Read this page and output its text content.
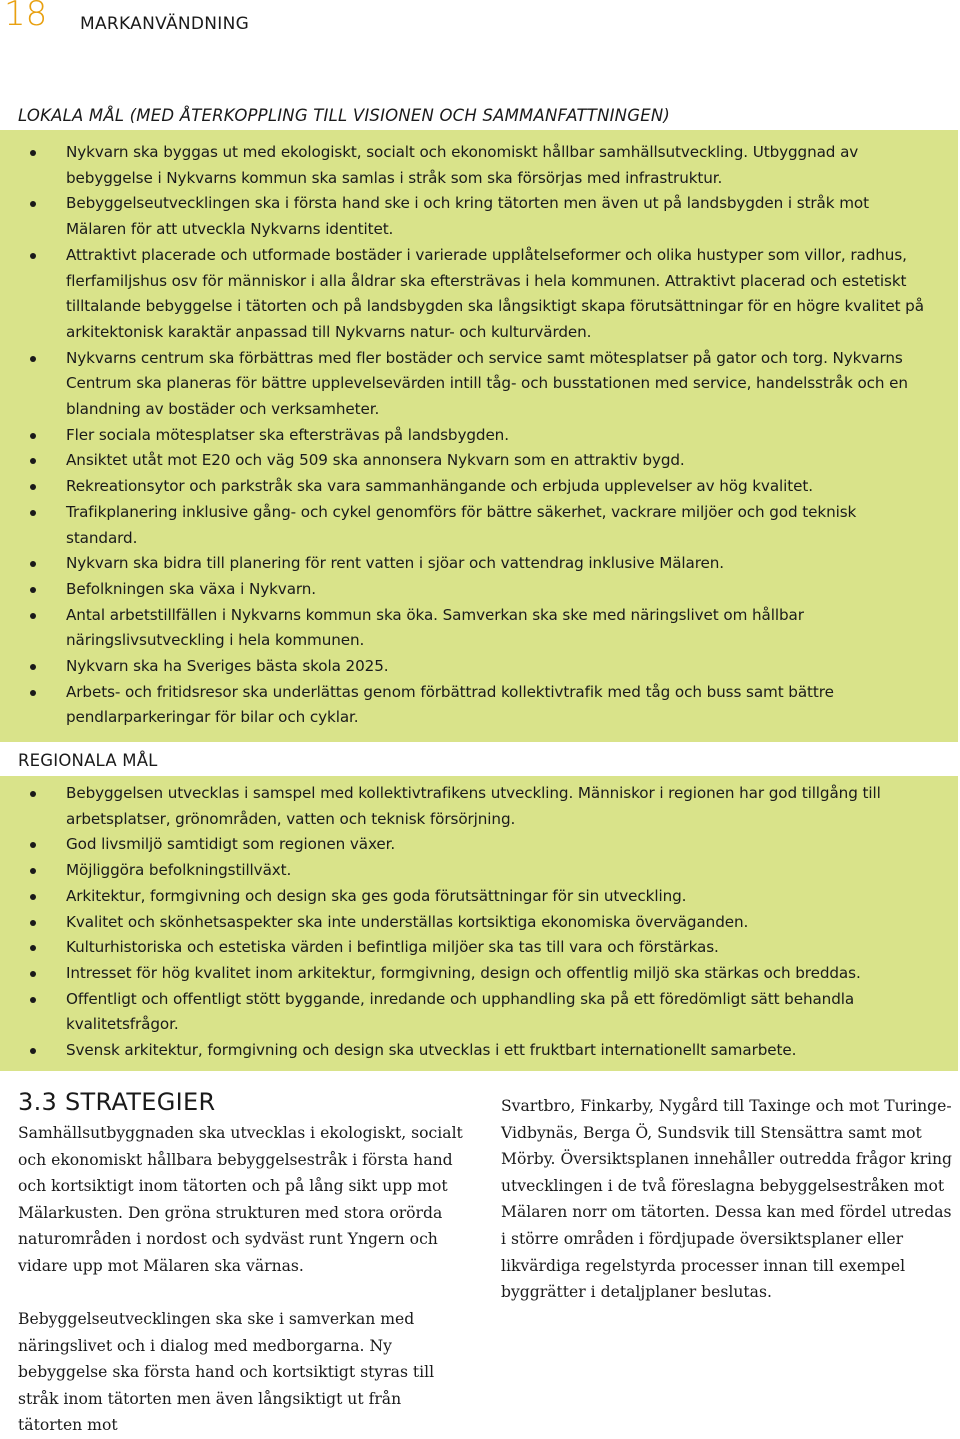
18 MARKANVÄNDNING
LOKALA MÅL (MED ÅTERKOPPLING TILL VISIONEN OCH SAMMANFATTNINGEN)
Nykvarn ska byggas ut med ekologiskt, socialt och ekonomiskt hållbar samhällsutveckling. Utbyggnad av bebyggelse i Nykvarns kommun ska samlas i stråk som ska försörjas med infrastruktur.
Bebyggelseutvecklingen ska i första hand ske i och kring tätorten men även ut på landsbygden i stråk mot Mälaren för att utveckla Nykvarns identitet.
Attraktivt placerade och utformade bostäder i varierade upplåtelseformer och olika hustyper som villor, radhus, flerfamiljshus osv för människor i alla åldrar ska eftersträvas i hela kommunen. Attraktivt placerad och estetiskt tilltalande bebyggelse i tätorten och på landsbygden ska långsiktigt skapa förutsättningar för en högre kvalitet på arkitektonisk karaktär anpassad till Nykvarns natur- och kulturvärden.
Nykvarns centrum ska förbättras med fler bostäder och service samt mötesplatser på gator och torg. Nykvarns Centrum ska planeras för bättre upplevelsevärden intill tåg- och busstationen med service, handelsstråk och en blandning av bostäder och verksamheter.
Fler sociala mötesplatser ska eftersträvas på landsbygden.
Ansiktet utåt mot E20 och väg 509 ska annonsera Nykvarn som en attraktiv bygd.
Rekreationsytor och parkstråk ska vara sammanhängande och erbjuda upplevelser av hög kvalitet.
Trafikplanering inklusive gång- och cykel genomförs för bättre säkerhet, vackrare miljöer och god teknisk standard.
Nykvarn ska bidra till planering för rent vatten i sjöar och vattendrag inklusive Mälaren.
Befolkningen ska växa i Nykvarn.
Antal arbetstillfällen i Nykvarns kommun ska öka. Samverkan ska ske med näringslivet om hållbar näringslivsutveckling i hela kommunen.
Nykvarn ska ha Sveriges bästa skola 2025.
Arbets- och fritidsresor ska underlättas genom förbättrad kollektivtrafik med tåg och buss samt bättre pendlarparkeringar för bilar och cyklar.
REGIONALA MÅL
Bebyggelsen utvecklas i samspel med kollektivtrafikens utveckling. Människor i regionen har god tillgång till arbetsplatser, grönområden, vatten och teknisk försörjning.
God livsmiljö samtidigt som regionen växer.
Möjliggöra befolkningstillväxt.
Arkitektur, formgivning och design ska ges goda förutsättningar för sin utveckling.
Kvalitet och skönhetsaspekter ska inte underställas kortsiktiga ekonomiska överväganden.
Kulturhistoriska och estetiska värden i befintliga miljöer ska tas till vara och förstärkas.
Intresset för hög kvalitet inom arkitektur, formgivning, design och offentlig miljö ska stärkas och breddas.
Offentligt och offentligt stött byggande, inredande och upphandling ska på ett föredömligt sätt behandla kvalitetsfrågor.
Svensk arkitektur, formgivning och design ska utvecklas i ett fruktbart internationellt samarbete.
3.3 STRATEGIER

Samhällsutbyggnaden ska utvecklas i ekologiskt, socialt och ekonomiskt hållbara bebyggelsestråk i första hand och kortsiktigt inom tätorten och på lång sikt upp mot Mälarkusten. Den gröna strukturen med stora orörda naturområden i nordost och sydväst runt Yngern och vidare upp mot Mälaren ska värnas.

Bebyggelseutvecklingen ska ske i samverkan med näringslivet och i dialog med medborgarna. Ny bebyggelse ska första hand och kortsiktigt styras till stråk inom tätorten men även långsiktigt ut från tätorten mot

Svartbro, Finkarby, Nygård till Taxinge och mot Turinge-Vidbynäs, Berga Ö, Sundsvik till Stensättra samt mot Mörby. Översiktsplanen innehåller outredda frågor kring utvecklingen i de två föreslagna bebyggelsestråken mot Mälaren norr om tätorten. Dessa kan med fördel utredas i större områden i fördjupade översiktsplaner eller likvärdiga regelstyrda processer innan till exempel byggrätter i detaljplaner beslutas.
